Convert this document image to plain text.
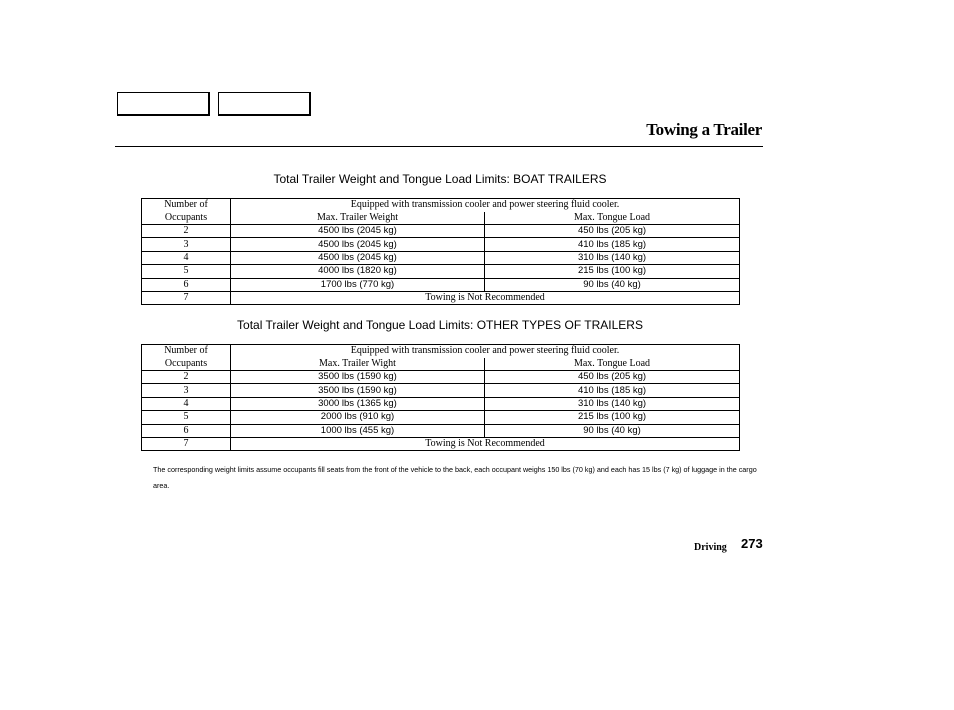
Towing a Trailer
Total Trailer Weight and Tongue Load Limits: BOAT TRAILERS
Number of
Occupants	Equipped with transmission cooler and power steering fluid cooler.	
	Max. Trailer Weight	Max. Tongue Load
2	4500 lbs (2045 kg)	450 lbs (205 kg)
3	4500 lbs (2045 kg)	410 lbs (185 kg)
4	4500 lbs (2045 kg)	310 lbs (140 kg)
5	4000 lbs (1820 kg)	215 lbs (100 kg)
6	1700 lbs (770 kg)	90 lbs (40 kg)
7	Towing is Not Recommended	
Total Trailer Weight and Tongue Load Limits: OTHER TYPES OF TRAILERS
Number of
Occupants	Equipped with transmission cooler and power steering fluid cooler.	
	Max. Trailer Wight	Max. Tongue Load
2	3500 lbs (1590 kg)	450 lbs (205 kg)
3	3500 lbs (1590 kg)	410 lbs (185 kg)
4	3000 lbs (1365 kg)	310 lbs (140 kg)
5	2000 lbs (910 kg)	215 lbs (100 kg)
6	1000 lbs (455 kg)	90 lbs (40 kg)
7	Towing is Not Recommended	

The corresponding weight limits assume occupants fill seats from the front of the vehicle to the back, each occupant weighs 150 lbs (70 kg) and each has 15 lbs (7 kg) of luggage in the cargo area.

Driving 273
